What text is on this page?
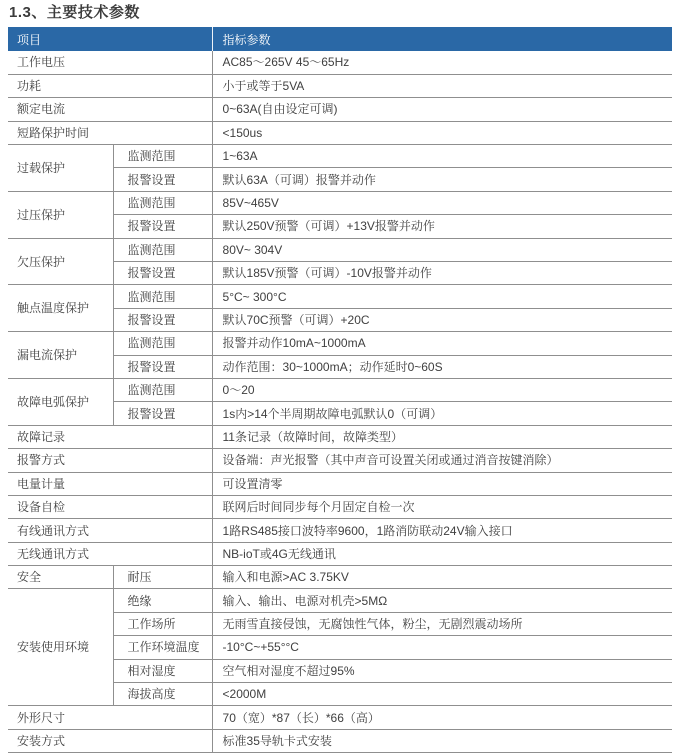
1.3、主要技术参数
项目		指标参数
工作电压		AC85～265V 45～65Hz
功耗		小于或等于5VA
额定电流		0~63A(自由设定可调)
短路保护时间		<150us
过载保护	监测范围	1~63A
	报警设置	默认63A（可调）报警并动作
过压保护	监测范围	85V~465V
	报警设置	默认250V预警（可调）+13V报警并动作
欠压保护	监测范围	80V~ 304V
	报警设置	默认185V预警（可调）-10V报警并动作
触点温度保护	监测范围	5°C~ 300°C
	报警设置	默认70C预警（可调）+20C
漏电流保护	监测范围	报警并动作10mA~1000mA
	报警设置	动作范围：30~1000mA；动作延时0~60S
故障电弧保护	监测范围	0～20
	报警设置	1s内>14个半周期故障电弧默认0（可调）
故障记录		11条记录（故障时间，故障类型）
报警方式		设备端：声光报警（其中声音可设置关闭或通过消音按键消除）
电量计量		可设置清零
设备自检		联网后时间同步每个月固定自检一次
有线通讯方式		1路RS485接口波特率9600，1路消防联动24V输入接口
无线通讯方式		NB-ioT或4G无线通讯
安全	耐压	输入和电源>AC 3.75KV
安装使用环境	绝缘	输入、输出、电源对机壳>5MΩ
	工作场所	无雨雪直接侵蚀，无腐蚀性气体，粉尘，无剧烈震动场所
	工作环境温度	-10°C~+55°°C
	相对湿度	空气相对湿度不超过95%
	海拔高度	<2000M
外形尺寸		70（宽）*87（长）*66（高）
安装方式		标准35导轨卡式安装
